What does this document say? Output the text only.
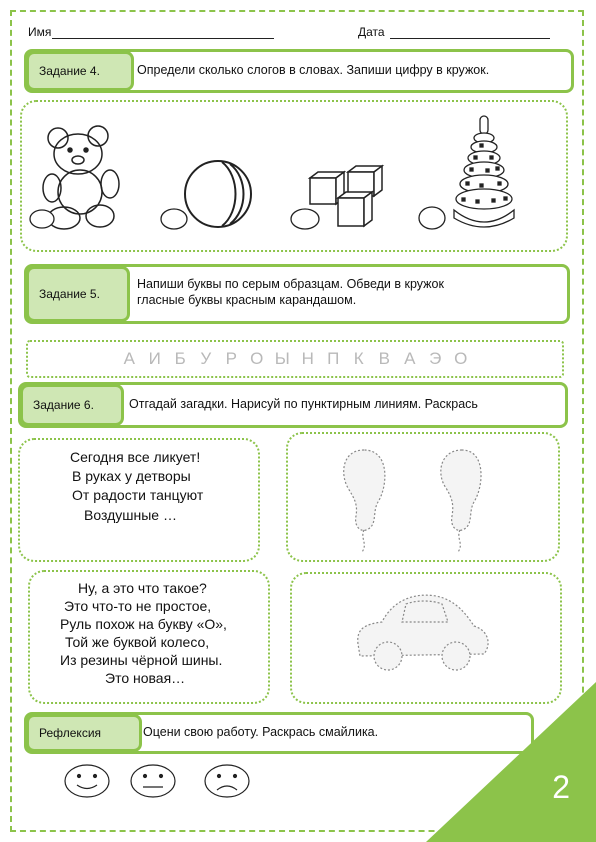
Имя	Дата
Задание 4.	Определи сколько слогов в словах. Запиши цифру в кружок.
Задание 5.
Напиши буквы по серым образцам. Обведи в кружок
гласные буквы красным карандашом.
А И Б У Р О Ы Н П К В А Э О
Задание 6.	Отгадай загадки. Нарисуй по пунктирным линиям. Раскрась
Сегодня все ликует!
В руках у детворы
От радости танцуют
Воздушные …
Ну, а это что такое?
Это что-то не простое,
Руль похож на букву «О»,
Той же буквой колесо,
Из резины чёрной шины.
Это новая…
Рефлексия	Оцени свою работу. Раскрась смайлика.
2
